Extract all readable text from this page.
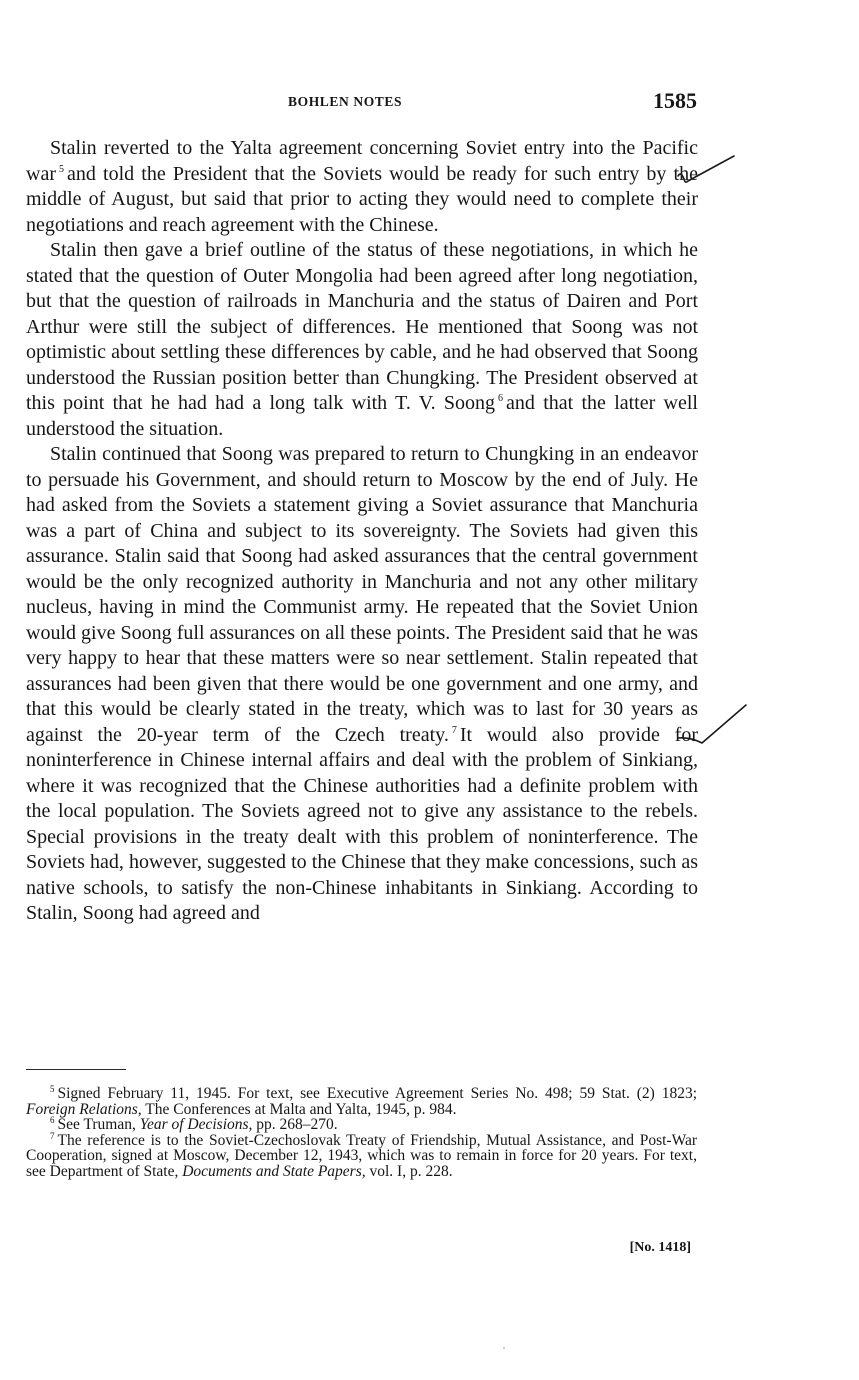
BOHLEN NOTES	1585

Stalin reverted to the Yalta agreement concerning Soviet entry into the Pacific war $^5$ and told the President that the Soviets would be ready for such entry by the middle of August, but said that prior to acting they would need to complete their negotiations and reach agreement with the Chinese.

Stalin then gave a brief outline of the status of these negotiations, in which he stated that the question of Outer Mongolia had been agreed after long negotiation, but that the question of railroads in Manchuria and the status of Dairen and Port Arthur were still the subject of differences. He mentioned that Soong was not optimistic about settling these differences by cable, and he had observed that Soong understood the Russian position better than Chungking. The President observed at this point that he had had a long talk with T. V. Soong $^6$ and that the latter well understood the situation.

Stalin continued that Soong was prepared to return to Chungking in an endeavor to persuade his Government, and should return to Moscow by the end of July. He had asked from the Soviets a statement giving a Soviet assurance that Manchuria was a part of China and subject to its sovereignty. The Soviets had given this assurance. Stalin said that Soong had asked assurances that the central government would be the only recognized authority in Manchuria and not any other military nucleus, having in mind the Communist army. He repeated that the Soviet Union would give Soong full assurances on all these points. The President said that he was very happy to hear that these matters were so near settlement. Stalin repeated that assurances had been given that there would be one government and one army, and that this would be clearly stated in the treaty, which was to last for 30 years as against the 20-year term of the Czech treaty. $^7$ It would also provide for noninterference in Chinese internal affairs and deal with the problem of Sinkiang, where it was recognized that the Chinese authorities had a definite problem with the local population. The Soviets agreed not to give any assistance to the rebels. Special provisions in the treaty dealt with this problem of noninterference. The Soviets had, however, suggested to the Chinese that they make concessions, such as native schools, to satisfy the non-Chinese inhabitants in Sinkiang. According to Stalin, Soong had agreed and

$^5$ Signed February 11, 1945. For text, see Executive Agreement Series No. 498; 59 Stat. (2) 1823; Foreign Relations, The Conferences at Malta and Yalta, 1945, p. 984.

$^6$ See Truman, Year of Decisions, pp. 268–270.

$^7$ The reference is to the Soviet-Czechoslovak Treaty of Friendship, Mutual Assistance, and Post-War Cooperation, signed at Moscow, December 12, 1943, which was to remain in force for 20 years. For text, see Department of State, Documents and State Papers, vol. I, p. 228.

[No. 1418]
